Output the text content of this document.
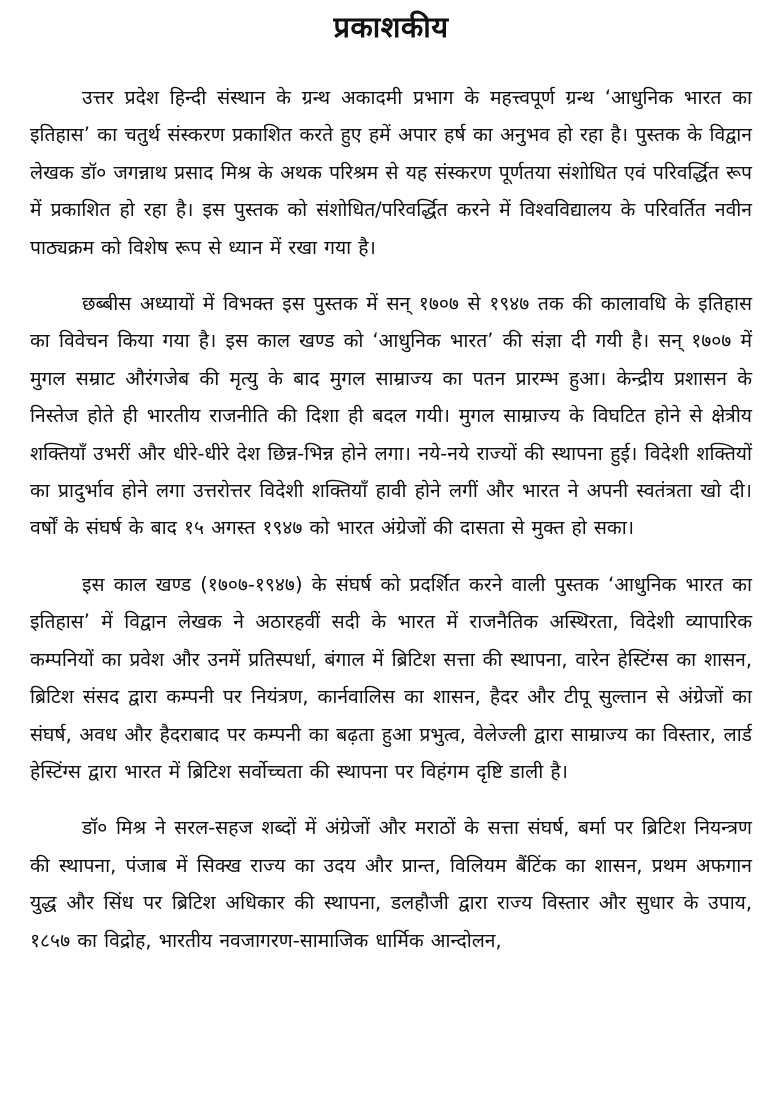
प्रकाशकीय

उत्तर प्रदेश हिन्दी संस्थान के ग्रन्थ अकादमी प्रभाग के महत्त्वपूर्ण ग्रन्थ ‘आधुनिक भारत का इतिहास’ का चतुर्थ संस्करण प्रकाशित करते हुए हमें अपार हर्ष का अनुभव हो रहा है। पुस्तक के विद्वान लेखक डॉ० जगन्नाथ प्रसाद मिश्र के अथक परिश्रम से यह संस्करण पूर्णतया संशोधित एवं परिवर्द्धित रूप में प्रकाशित हो रहा है। इस पुस्तक को संशोधित/परिवर्द्धित करने में विश्वविद्यालय के परिवर्तित नवीन पाठ्यक्रम को विशेष रूप से ध्यान में रखा गया है।

छब्बीस अध्यायों में विभक्त इस पुस्तक में सन् १७०७ से १९४७ तक की कालावधि के इतिहास का विवेचन किया गया है। इस काल खण्ड को ‘आधुनिक भारत’ की संज्ञा दी गयी है। सन् १७०७ में मुगल सम्राट औरंगजेब की मृत्यु के बाद मुगल साम्राज्य का पतन प्रारम्भ हुआ। केन्द्रीय प्रशासन के निस्तेज होते ही भारतीय राजनीति की दिशा ही बदल गयी। मुगल साम्राज्य के विघटित होने से क्षेत्रीय शक्तियाँ उभरीं और धीरे-धीरे देश छिन्न-भिन्न होने लगा। नये-नये राज्यों की स्थापना हुई। विदेशी शक्तियों का प्रादुर्भाव होने लगा उत्तरोत्तर विदेशी शक्तियाँ हावी होने लगीं और भारत ने अपनी स्वतंत्रता खो दी। वर्षों के संघर्ष के बाद १५ अगस्त १९४७ को भारत अंग्रेजों की दासता से मुक्त हो सका।

इस काल खण्ड (१७०७-१९४७) के संघर्ष को प्रदर्शित करने वाली पुस्तक ‘आधुनिक भारत का इतिहास’ में विद्वान लेखक ने अठारहवीं सदी के भारत में राजनैतिक अस्थिरता, विदेशी व्यापारिक कम्पनियों का प्रवेश और उनमें प्रतिस्पर्धा, बंगाल में ब्रिटिश सत्ता की स्थापना, वारेन हेस्टिंग्स का शासन, ब्रिटिश संसद द्वारा कम्पनी पर नियंत्रण, कार्नवालिस का शासन, हैदर और टीपू सुल्तान से अंग्रेजों का संघर्ष, अवध और हैदराबाद पर कम्पनी का बढ़ता हुआ प्रभुत्व, वेलेज्ली द्वारा साम्राज्य का विस्तार, लार्ड हेस्टिंग्स द्वारा भारत में ब्रिटिश सर्वोच्चता की स्थापना पर विहंगम दृष्टि डाली है।

डॉ० मिश्र ने सरल-सहज शब्दों में अंग्रेजों और मराठों के सत्ता संघर्ष, बर्मा पर ब्रिटिश नियन्त्रण की स्थापना, पंजाब में सिक्ख राज्य का उदय और प्रान्त, विलियम बैंटिंक का शासन, प्रथम अफगान युद्ध और सिंध पर ब्रिटिश अधिकार की स्थापना, डलहौजी द्वारा राज्य विस्तार और सुधार के उपाय, १८५७ का विद्रोह, भारतीय नवजागरण-सामाजिक धार्मिक आन्दोलन,
